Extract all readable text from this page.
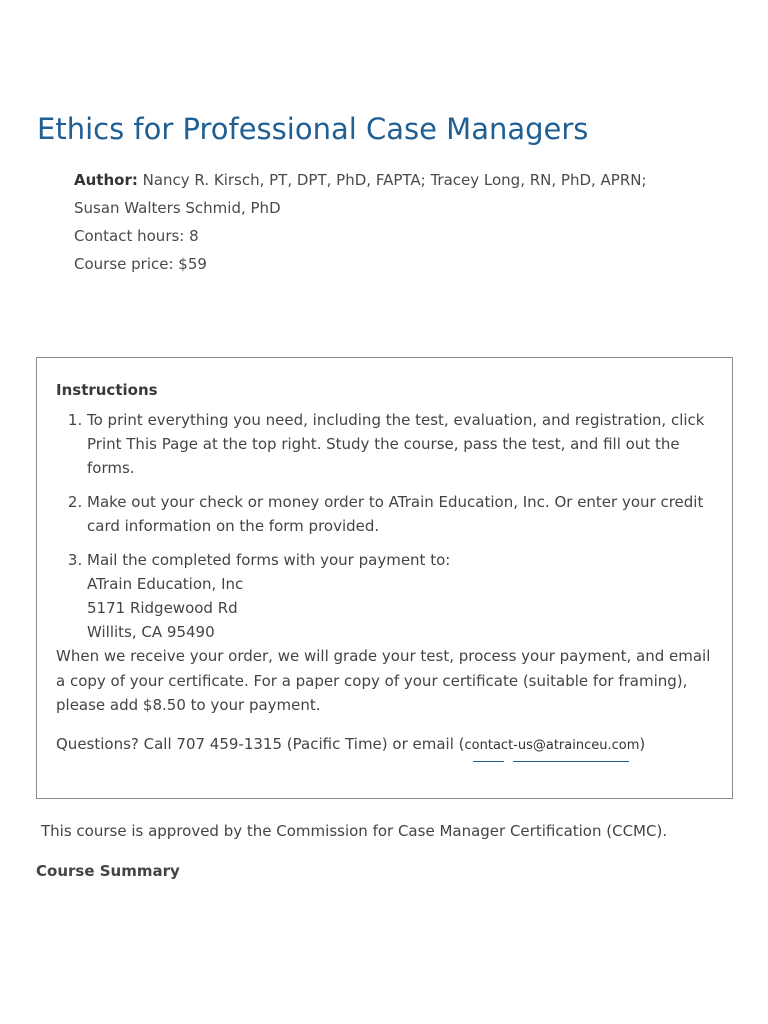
Ethics for Professional Case Managers
Author: Nancy R. Kirsch, PT, DPT, PhD, FAPTA; Tracey Long, RN, PhD, APRN;
Susan Walters Schmid, PhD
Contact hours: 8
Course price: $59
Instructions
1. To print everything you need, including the test, evaluation, and registration, click Print This Page at the top right. Study the course, pass the test, and fill out the forms.
2. Make out your check or money order to ATrain Education, Inc. Or enter your credit card information on the form provided.
3. Mail the completed forms with your payment to:
ATrain Education, Inc
5171 Ridgewood Rd
Willits, CA 95490

When we receive your order, we will grade your test, process your payment, and email a copy of your certificate. For a paper copy of your certificate (suitable for framing), please add $8.50 to your payment.

Questions? Call 707 459-1315 (Pacific Time) or email (contact-us@atrainceu.com)

This course is approved by the Commission for Case Manager Certification (CCMC).
Course Summary
